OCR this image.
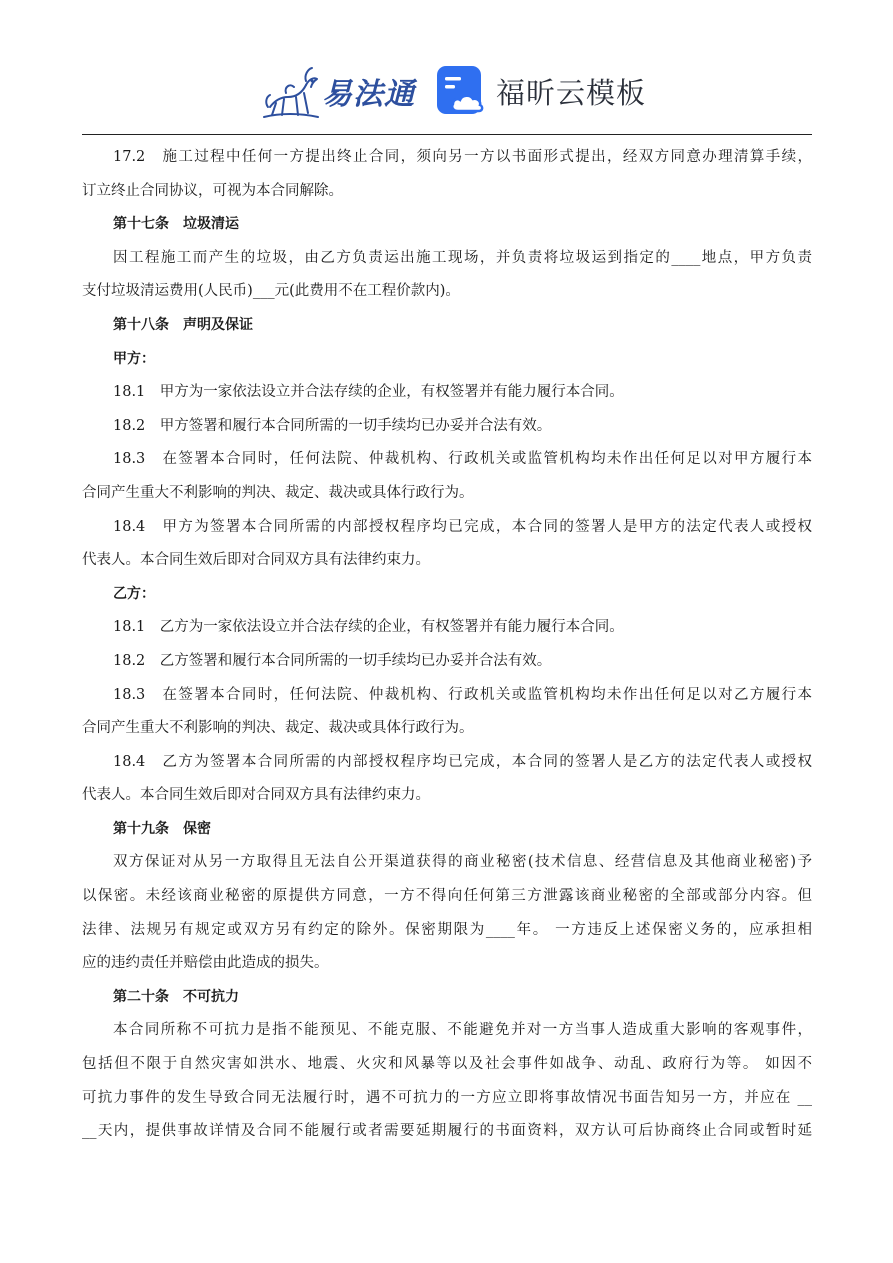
易法通	福昕云模板
17.2　施工过程中任何一方提出终止合同，须向另一方以书面形式提出，经双方同意办理清算手续，
订立终止合同协议，可视为本合同解除。
第十七条　垃圾清运
因工程施工而产生的垃圾，由乙方负责运出施工现场，并负责将垃圾运到指定的____地点，甲方负责
支付垃圾清运费用(人民币)___元(此费用不在工程价款内)。
第十八条　声明及保证
甲方：
18.1　甲方为一家依法设立并合法存续的企业，有权签署并有能力履行本合同。
18.2　甲方签署和履行本合同所需的一切手续均已办妥并合法有效。
18.3　在签署本合同时，任何法院、仲裁机构、行政机关或监管机构均未作出任何足以对甲方履行本
合同产生重大不利影响的判决、裁定、裁决或具体行政行为。
18.4　甲方为签署本合同所需的内部授权程序均已完成，本合同的签署人是甲方的法定代表人或授权
代表人。本合同生效后即对合同双方具有法律约束力。
乙方：
18.1　乙方为一家依法设立并合法存续的企业，有权签署并有能力履行本合同。
18.2　乙方签署和履行本合同所需的一切手续均已办妥并合法有效。
18.3　在签署本合同时，任何法院、仲裁机构、行政机关或监管机构均未作出任何足以对乙方履行本
合同产生重大不利影响的判决、裁定、裁决或具体行政行为。
18.4　乙方为签署本合同所需的内部授权程序均已完成，本合同的签署人是乙方的法定代表人或授权
代表人。本合同生效后即对合同双方具有法律约束力。
第十九条　保密
双方保证对从另一方取得且无法自公开渠道获得的商业秘密(技术信息、经营信息及其他商业秘密)予
以保密。未经该商业秘密的原提供方同意，一方不得向任何第三方泄露该商业秘密的全部或部分内容。但
法律、法规另有规定或双方另有约定的除外。保密期限为____年。 一方违反上述保密义务的，应承担相
应的违约责任并赔偿由此造成的损失。
第二十条　不可抗力
本合同所称不可抗力是指不能预见、不能克服、不能避免并对一方当事人造成重大影响的客观事件，
包括但不限于自然灾害如洪水、地震、火灾和风暴等以及社会事件如战争、动乱、政府行为等。 如因不
可抗力事件的发生导致合同无法履行时，遇不可抗力的一方应立即将事故情况书面告知另一方，并应在 __
__天内，提供事故详情及合同不能履行或者需要延期履行的书面资料，双方认可后协商终止合同或暂时延
